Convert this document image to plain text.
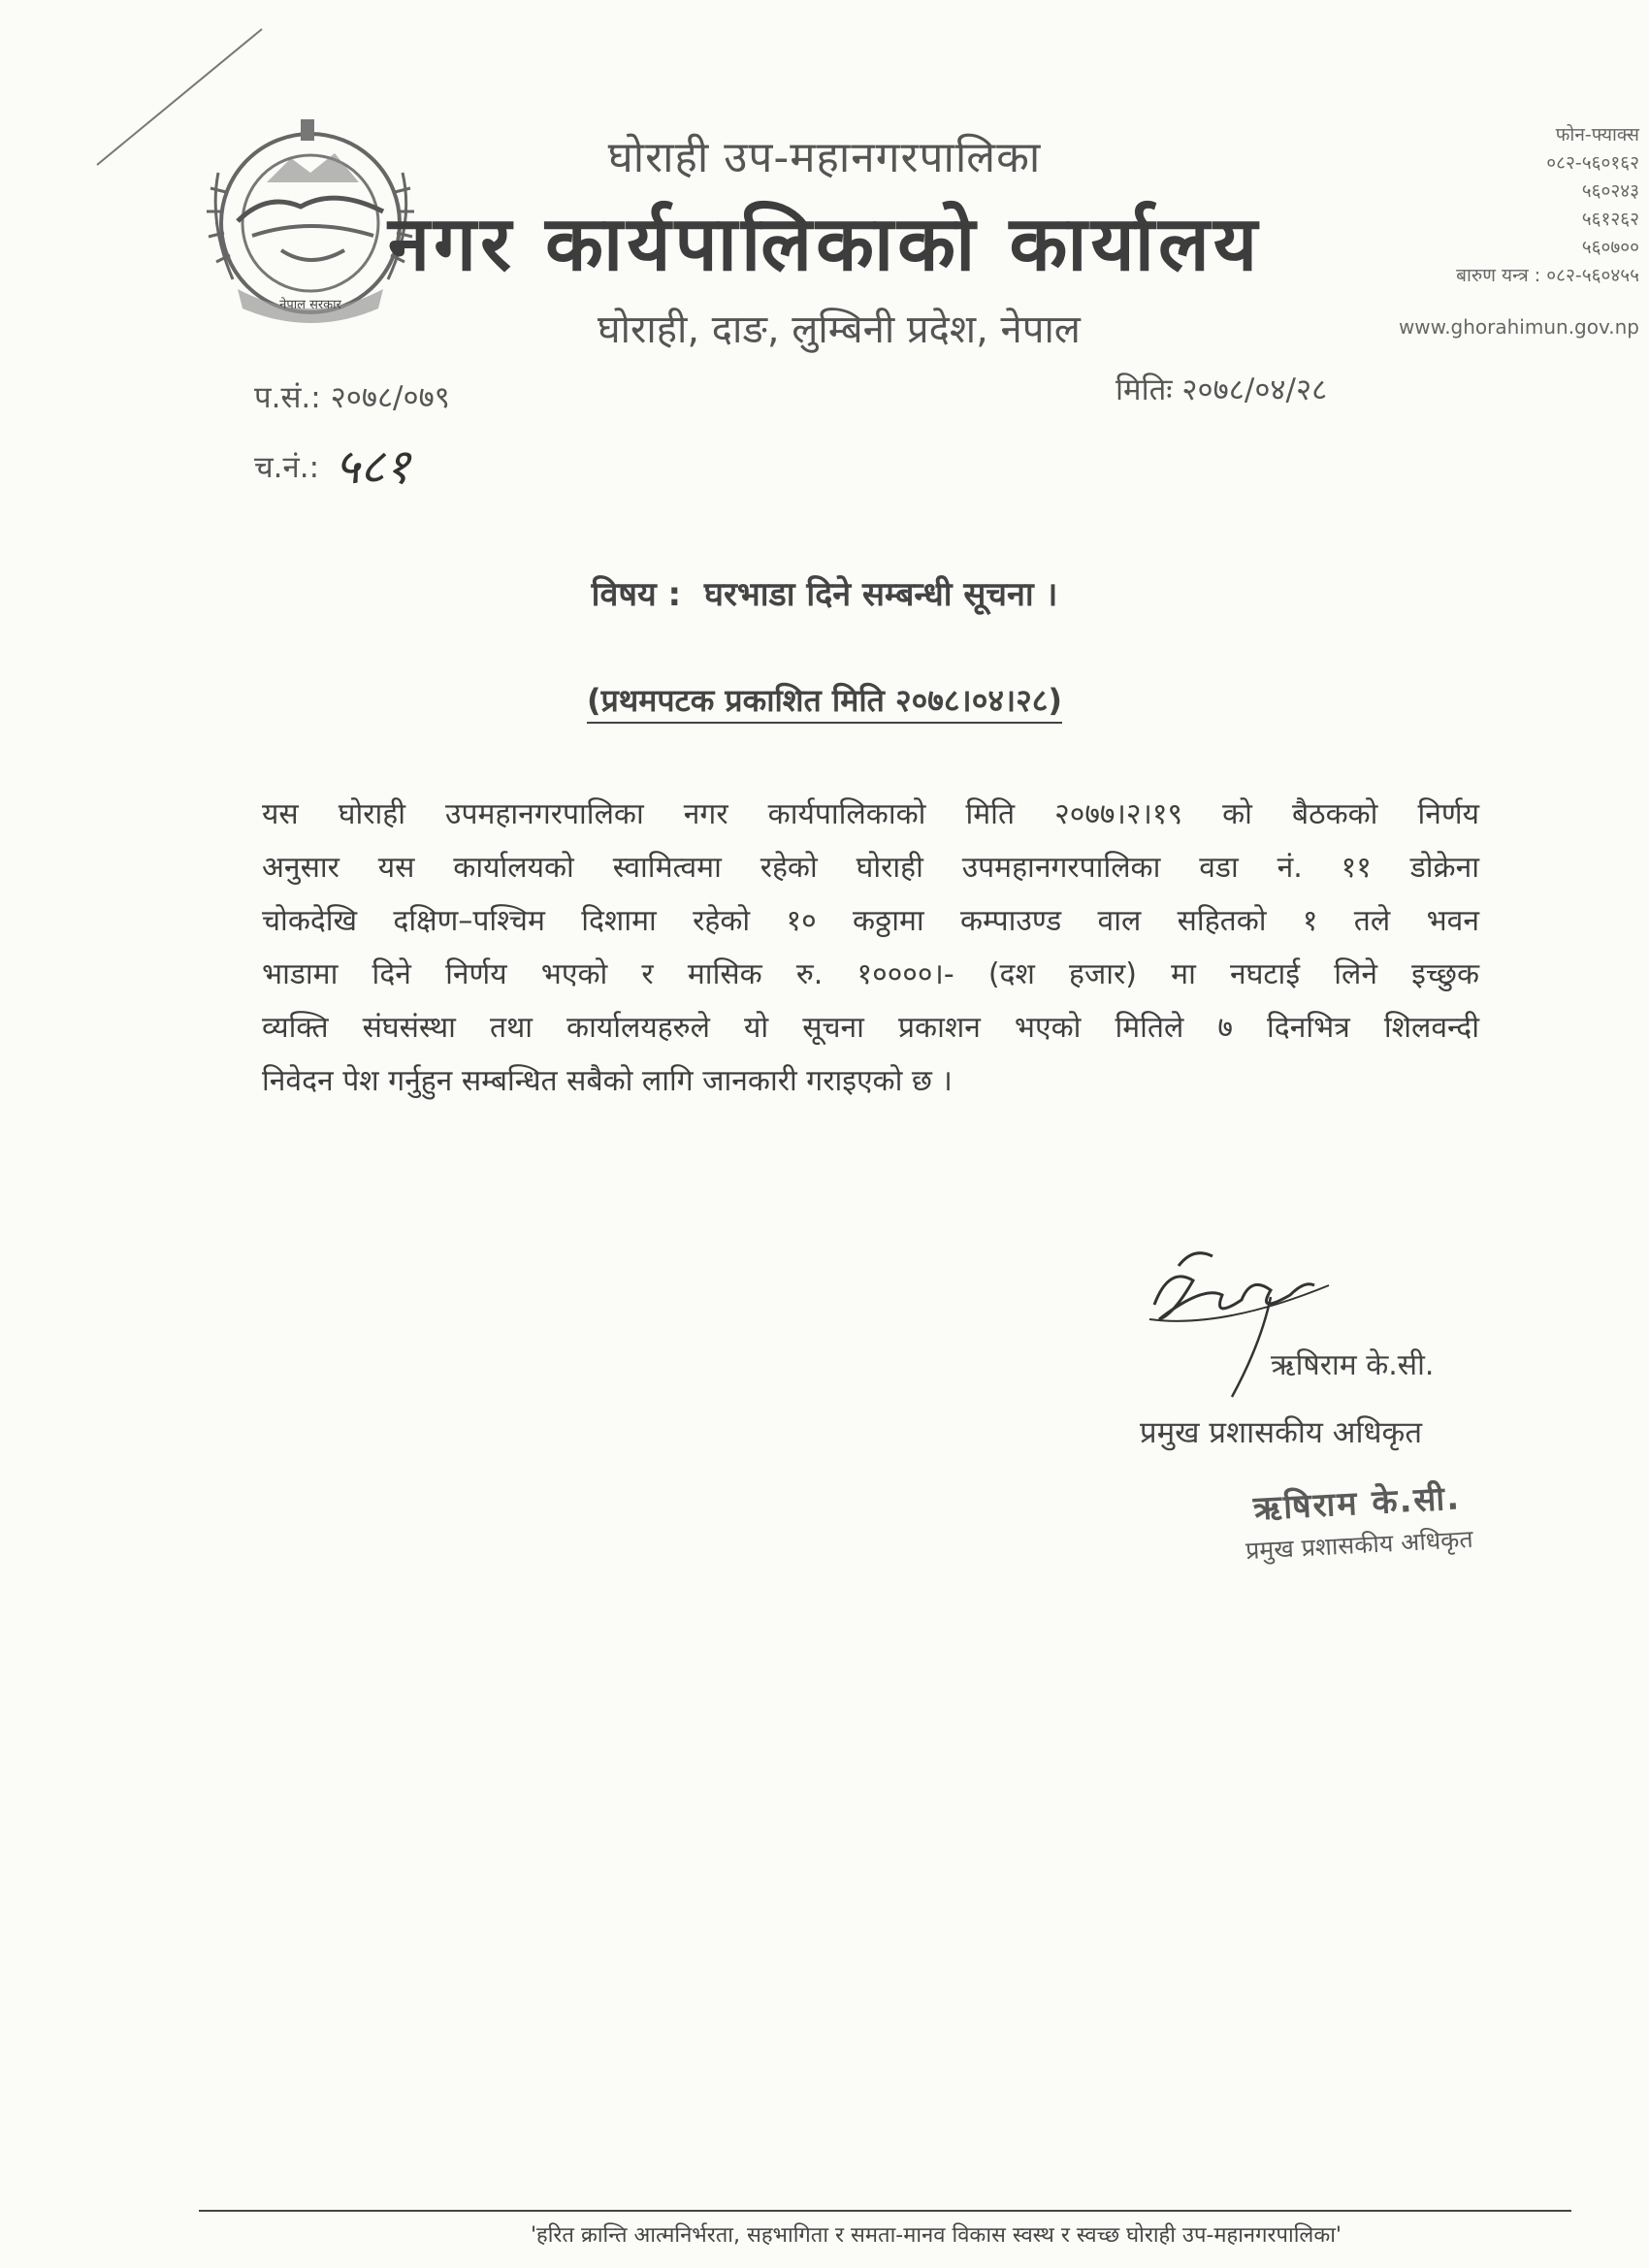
नेपाल सरकार
घोराही उप-महानगरपालिका
नगर कार्यपालिकाको कार्यालय
घोराही, दाङ, लुम्बिनी प्रदेश, नेपाल
फोन-फ्याक्स
०८२-५६०१६२
५६०२४३
५६१२६२
५६०७००
बारुण यन्त्र : ०८२-५६०४५५
www.ghorahimun.gov.np
प.सं.: २०७८/०७९
च.नं.: ५८१
मितिः २०७८/०४/२८
विषय : घरभाडा दिने सम्बन्धी सूचना ।
(प्रथमपटक प्रकाशित मिति २०७८।०४।२८)
यस घोराही उपमहानगरपालिका नगर कार्यपालिकाको मिति २०७७।२।१९ को बैठकको निर्णय
अनुसार यस कार्यालयको स्वामित्वमा रहेको घोराही उपमहानगरपालिका वडा नं. ११ डोक्रेना
चोकदेखि दक्षिण–पश्चिम दिशामा रहेको १० कठ्ठामा कम्पाउण्ड वाल सहितको १ तले भवन
भाडामा दिने निर्णय भएको र मासिक रु. १००००।- (दश हजार) मा नघटाई लिने इच्छुक
व्यक्ति संघसंस्था तथा कार्यालयहरुले यो सूचना प्रकाशन भएको मितिले ७ दिनभित्र शिलवन्दी
निवेदन पेश गर्नुहुन सम्बन्धित सबैको लागि जानकारी गराइएको छ ।
ऋषिराम के.सी.
प्रमुख प्रशासकीय अधिकृत
ऋषिराम के.सी.
प्रमुख प्रशासकीय अधिकृत
'हरित क्रान्ति आत्मनिर्भरता, सहभागिता र समता-मानव विकास स्वस्थ र स्वच्छ घोराही उप-महानगरपालिका'
